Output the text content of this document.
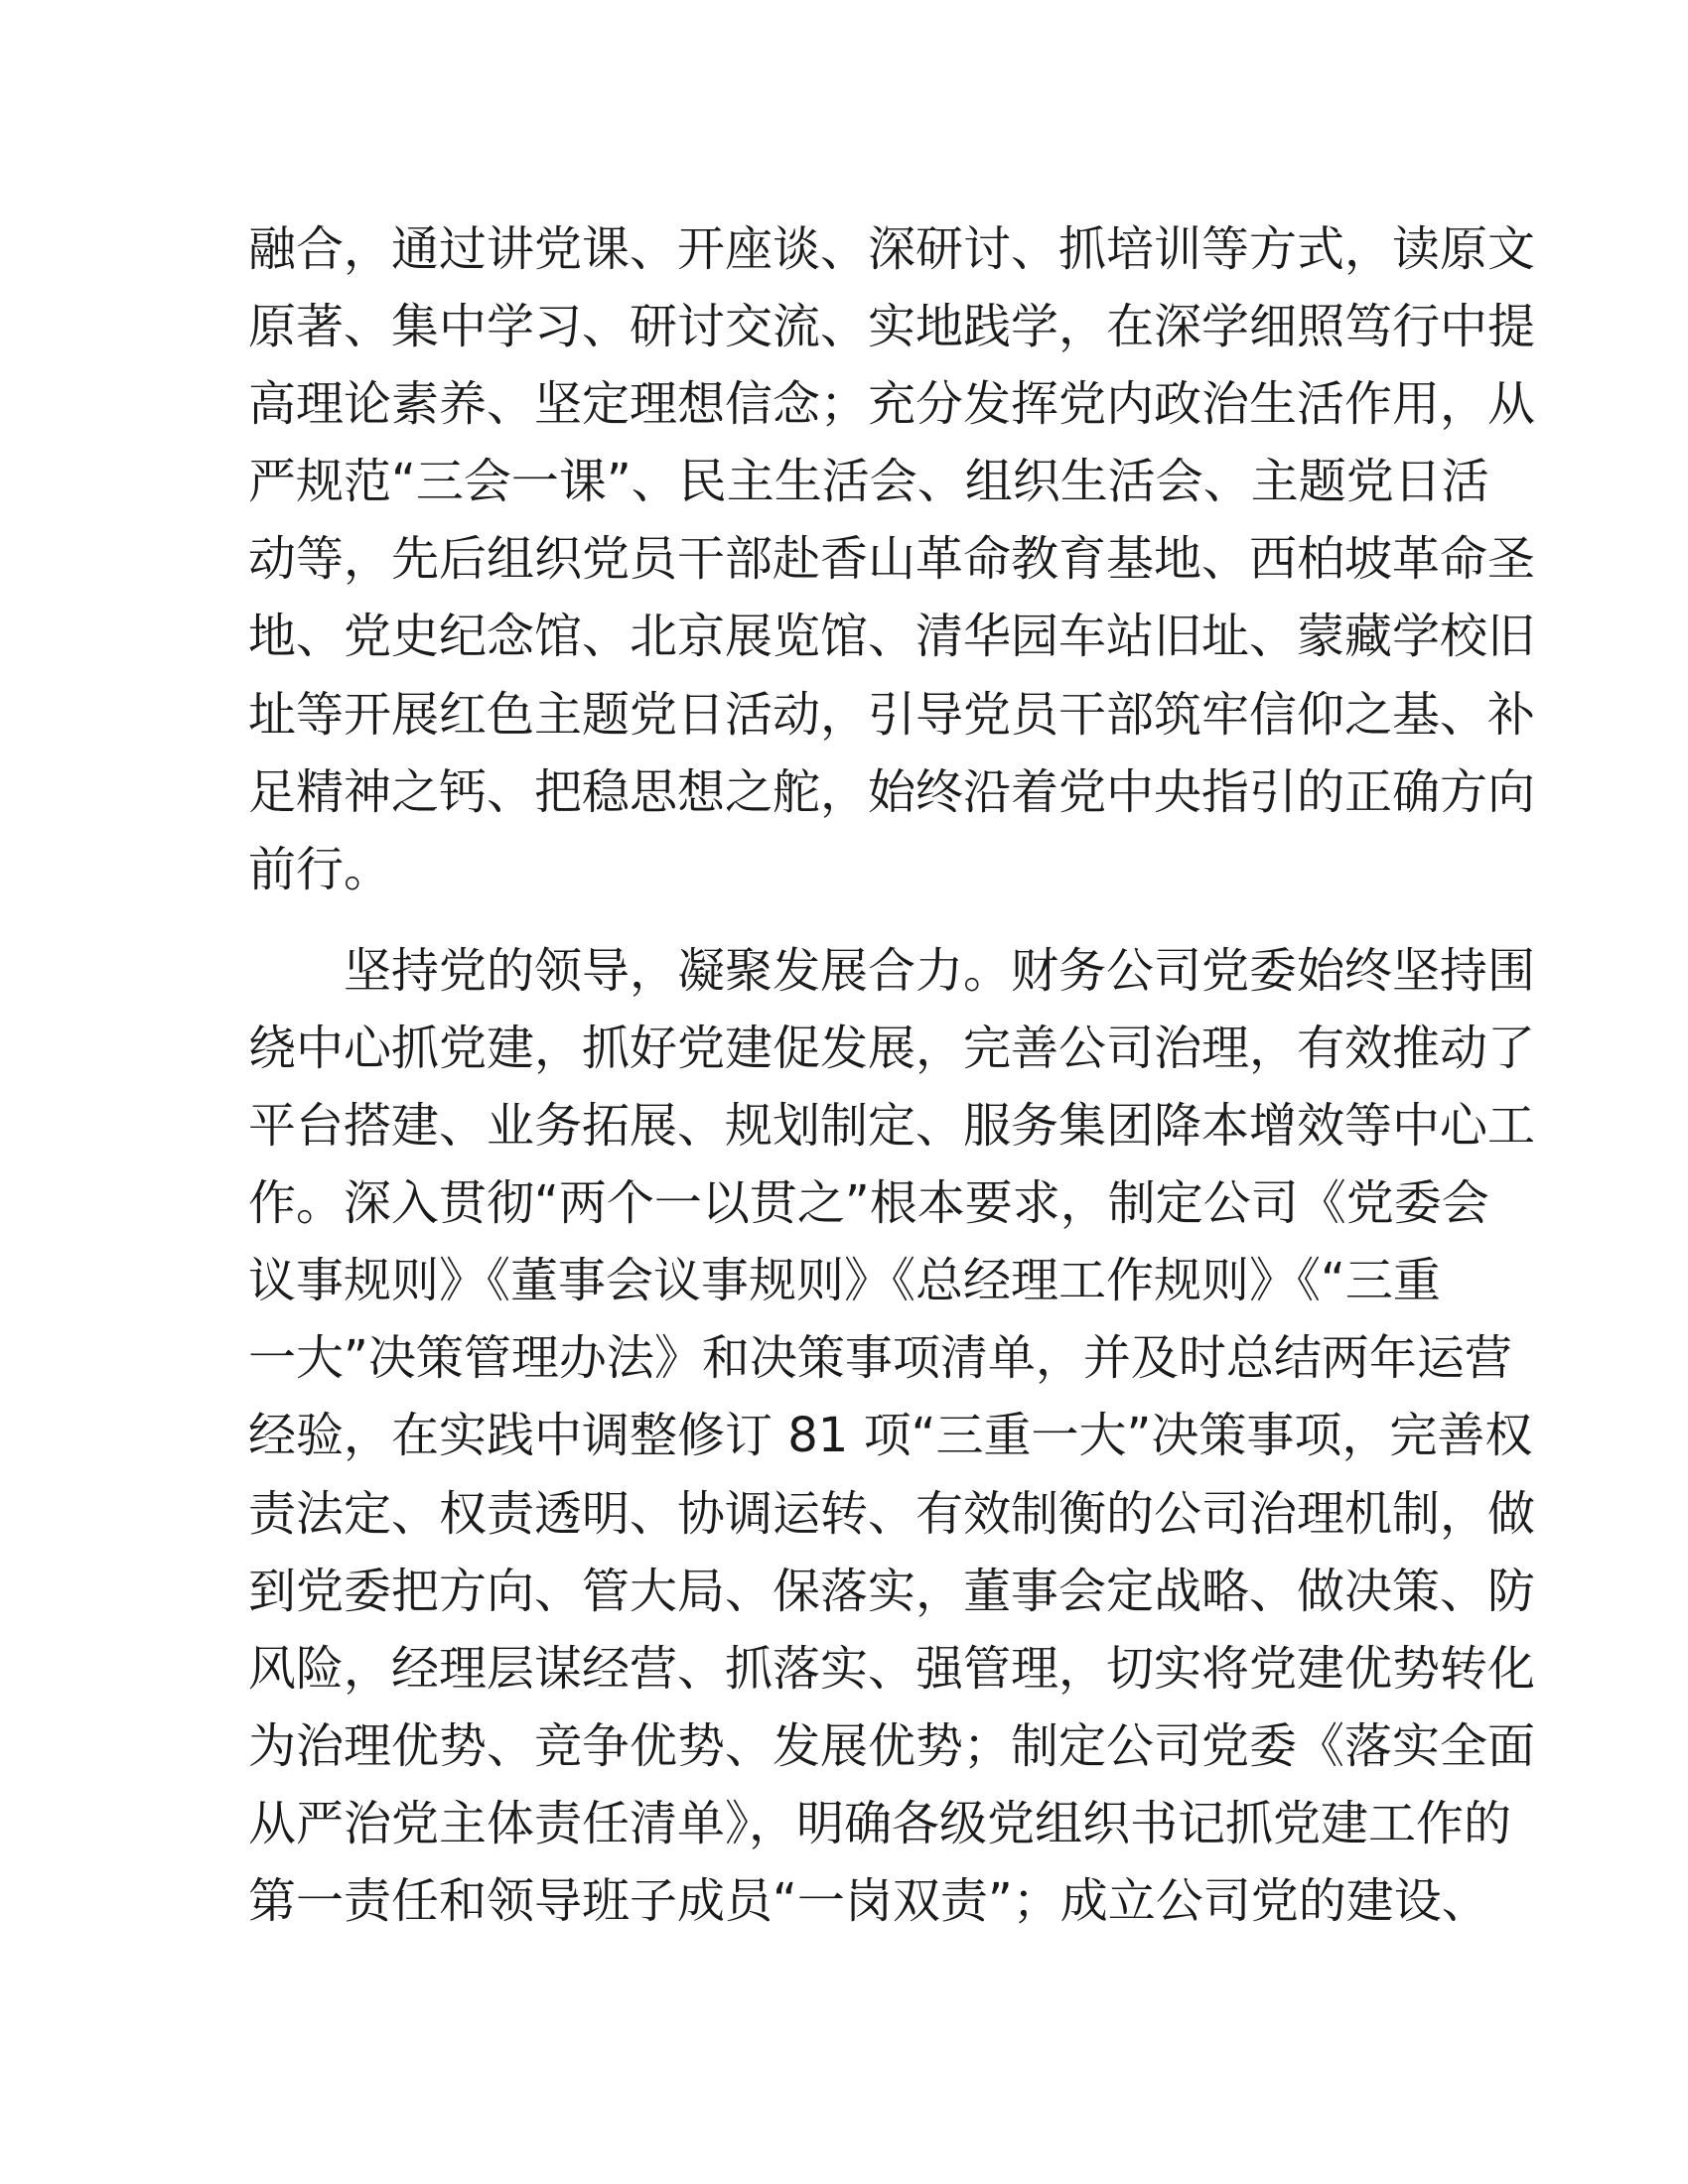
融合，通过讲党课、开座谈、深研讨、抓培训等方式，读原文
原著、集中学习、研讨交流、实地践学，在深学细照笃行中提
高理论素养、坚定理想信念；充分发挥党内政治生活作用，从
严规范“三会一课”、民主生活会、组织生活会、主题党日活
动等，先后组织党员干部赴香山革命教育基地、西柏坡革命圣
地、党史纪念馆、北京展览馆、清华园车站旧址、蒙藏学校旧
址等开展红色主题党日活动，引导党员干部筑牢信仰之基、补
足精神之钙、把稳思想之舵，始终沿着党中央指引的正确方向
前行。
坚持党的领导，凝聚发展合力。财务公司党委始终坚持围
绕中心抓党建，抓好党建促发展，完善公司治理，有效推动了
平台搭建、业务拓展、规划制定、服务集团降本增效等中心工
作。深入贯彻“两个一以贯之”根本要求，制定公司《党委会
议事规则》《董事会议事规则》《总经理工作规则》《“三重
一大”决策管理办法》和决策事项清单，并及时总结两年运营
经验，在实践中调整修订 81 项“三重一大”决策事项，完善权
责法定、权责透明、协调运转、有效制衡的公司治理机制，做
到党委把方向、管大局、保落实，董事会定战略、做决策、防
风险，经理层谋经营、抓落实、强管理，切实将党建优势转化
为治理优势、竞争优势、发展优势；制定公司党委《落实全面
从严治党主体责任清单》，明确各级党组织书记抓党建工作的
第一责任和领导班子成员“一岗双责”；成立公司党的建设、
